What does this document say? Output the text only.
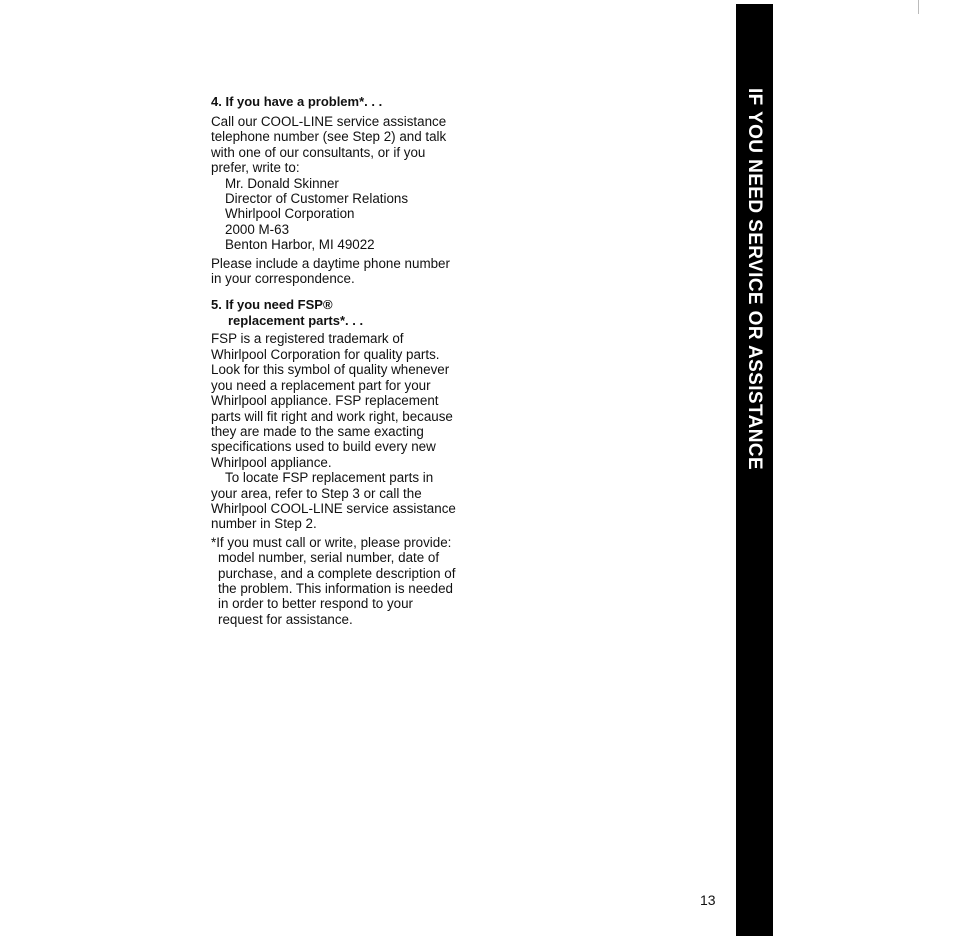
4. If you have a problem*. . .

Call our COOL-LINE service assistance telephone number (see Step 2) and talk with one of our consultants, or if you prefer, write to:

Mr. Donald Skinner
Director of Customer Relations
Whirlpool Corporation
2000 M-63
Benton Harbor, MI 49022

Please include a daytime phone number in your correspondence.

5. If you need FSP®
replacement parts*. . .

FSP is a registered trademark of Whirlpool Corporation for quality parts. Look for this symbol of quality whenever you need a replacement part for your Whirlpool appliance. FSP replacement parts will fit right and work right, because they are made to the same exacting specifications used to build every new Whirlpool appliance.

To locate FSP replacement parts in your area, refer to Step 3 or call the Whirlpool COOL-LINE service assistance number in Step 2.

*If you must call or write, please provide:

model number, serial number, date of purchase, and a complete description of the problem. This information is needed in order to better respond to your request for assistance.

IF YOU NEED SERVICE OR ASSISTANCE
13
